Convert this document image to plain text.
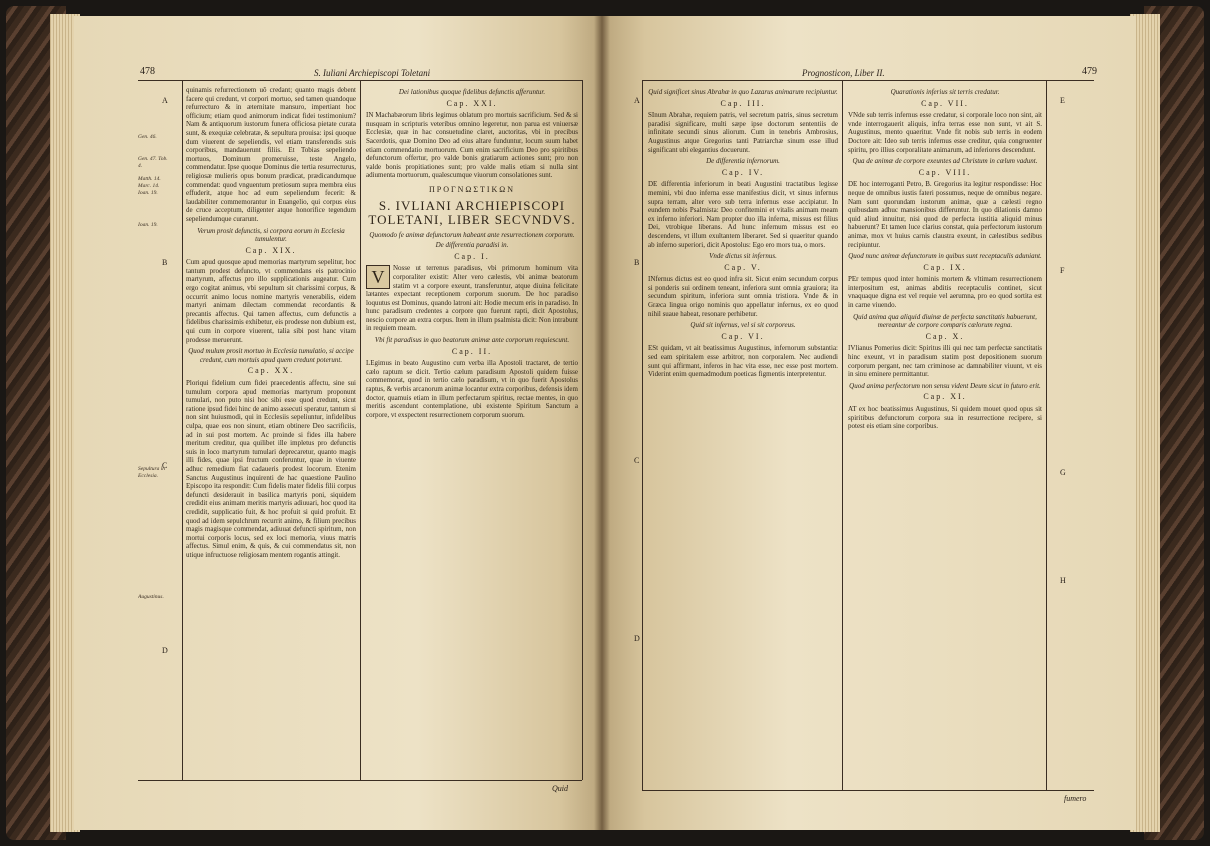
478	S. Iuliani Archiepiscopi Toletani
A
B
C
D
Gen. 46.
Gen. 47. Tob. 4.
Matth. 14. Marc. 14. Ioan. 19.
Ioan. 19.
Sepultura in Ecclesia.
Augustinus.

quinamis refurrectionem uõ credant; quanto magis debent facere qui credunt, vt corpori mortuo, sed tamen quandoque refurrecturo & in æternitate mansuro, impertiant hoc officium; etiam quod animorum indicat fidei testimonium? Nam & antiquorum iustorum funera officiosa pietate curata sunt, & exequiæ celebratæ, & sepultura prouisa: ipsi quoque dum viuerent de sepeliendis, vel etiam transferendis suis corporibus, mandauerunt filiis. Et Tobias sepeliendo mortuos, Dominum promeruisse, teste Angelo, commendatur. Ipse quoque Dominus die tertia resurrecturus, religiosæ mulieris opus bonum prædicat, prædicandumque commendat: quod vnguentum pretiosum supra membra eius effuderit, atque hoc ad eum sepeliendum fecerit: & laudabiliter commemorantur in Euangelio, qui corpus eius de cruce acceptum, diligenter atque honorifice tegendum sepeliendumque curarunt.

Verum prosit defunctis, si corpora eorum in Ecclesia tumulentur.
Cap. XIX.

Cum apud quosque apud memorias martyrum sepelitur, hoc tantum prodest defuncto, vt commendans eis patrocinio martyrum, affectus pro illo supplicationis augeatur. Cum ergo cogitat animus, vbi sepultum sit charissimi corpus, & occurrit animo locus nomine martyris venerabilis, eidem martyri animam dilectam commendat recordantis & precantis affectus. Qui tamen affectus, cum defunctis a fidelibus charissimis exhibetur, eis prodesse non dubium est, qui cum in corpore viuerent, talia sibi post hanc vitam prodesse meruerunt.

Quod mulum prosit mortuo in Ecclesia tumulatio, si accipe credunt, cum mortuis apud quem credunt poterunt.
Cap. XX.

Ploriqui fidelium cum fidei praecedentis affectu, sine sui tumulum corpora apud memorias martyrum proponunt tumulari, non puto nisi hoc sibi esse quod credunt, sicut ratione ipsud fidei hinc de animo assecuti speratur, tantum si non sint huiusmodi, qui in Ecclesiis sepeliuntur, infidelibus culpa, quae eos non sinunt, etiam obtinere Deo sacrificiis, ad in sui post mortem. Ac proinde si fides illa habere meritum creditur, qua quilibet ille impletus pro defunctis suis in loco martyrum tumulari deprecaretur, quanto magis illi fides, quae ipsi fructum conferuntur, quae in viuente adhuc remedium fiat cadaueris prodest locorum. Etenim Sanctus Augustinus inquirenti de hac quaestione Paulino Episcopo ita respondit: Cum fidelis mater fidelis filii corpus defuncti desiderauit in basilica martyris poni, siquidem credidit eius animam meritis martyris adiuuari, hoc quod ita credidit, supplicatio fuit, & hoc profuit si quid profuit. Et quod ad idem sepulchrum recurrit animo, & filium precibus magis magisque commendat, adiuuat defuncti spiritum, non mortui corporis locus, sed ex loci memoria, viuus matris affectus. Simul enim, & quis, & cui commendatus sit, non utique infructuose religiosam mentem rogantis attingit.

Dei lationibus quoque fidelibus defunctis afferuntur.
Cap. XXI.

IN Machabæorum libris legimus oblatum pro mortuis sacrificium. Sed & si nusquam in scripturis veteribus omnino legeretur, non parua est vniuersæ Ecclesiæ, quæ in hac consuetudine claret, auctoritas, vbi in precibus Sacerdotis, quæ Domino Deo ad eius altare funduntur, locum suum habet etiam commendatio mortuorum. Cum enim sacrificium Deo pro spiritibus defunctorum offertur, pro valde bonis gratiarum actiones sunt; pro non valde bonis propitiationes sunt; pro valde malis etiam si nulla sint adiumenta mortuorum, qualescumque viuorum consolationes sunt.

ΠΡΟΓΝΩΣΤΙΚΩΝ
S. IVLIANI ARCHIEPISCOPI TOLETANI, LIBER SECVNDVS.
Quomodo fe animæ defunctorum habeant ante resurrectionem corporum.
De differentia paradisi in.
Cap. I.

V	Nosse ut terrenus paradisus, vbi primorum hominum vita corporaliter existit: Alter vero cælestis, vbi animæ beatorum statim vt a corpore exeunt, transferuntur, atque diuina felicitate lætantes expectant receptionem corporum suorum. De hoc paradiso loquutus est Dominus, quando latroni ait: Hodie mecum eris in paradiso. In hunc paradisum credentes a corpore quo fuerunt rapti, dicit Apostolus, nescio corpore an extra corpus. Item in illum psalmista dicit: Non intrabunt in requiem meam.

Vbi fit paradisus in quo beatorum animæ ante corporum requiescunt.
Cap. II.

LEgimus in beato Augustino cum verba illa Apostoli tractaret, de tertio cælo raptum se dicit. Tertio cælum paradisum Apostoli quidem fuisse commemorat, quod in tertio cælo paradisum, vt in quo fuerit Apostolus raptus, & verbis arcanorum animæ locantur extra corporibus, defensis idem doctor, quamuis etiam in illum perfectarum spiritus, rectae mentes, in quo meritis ascendunt contemplatione, ubi existente Spiritum Sanctum a corpore, vt exspectent resurrectionem corporum suorum.

Quid
Prognosticon, Liber II.	479
A
B
C
D
E
F
G
H
Quid significet sinus Abrahæ in quo Lazarus animarum recipiuntur.
Cap. III.

SInum Abrahæ, requiem patris, vel secretum patris, sinus secretum paradisi significare, multi sæpe ipse doctorum sententiis de infinitate secundi sinus aliorum. Cum in tenebris Ambrosius, Augustinus atque Gregorius tanti Patriarchæ sinum esse illud significant ubi elegantius docuerunt.

De differentia infernorum.
Cap. IV.

DE differentia inferiorum in beati Augustini tractatibus legisse memini, vbi duo inferna esse manifestius dicit, vt sinus infernus supra terram, alter vero sub terra infernus esse accipiatur. In eundem nobis Psalmista: Deo confitemini et vitalis animam meam ex inferno inferiori. Nam propter duo illa inferna, missus est filius Dei, vtrobique liberans. Ad hunc infernum missus est eo descendens, vt illum exultantem liberaret. Sed si quaeritur quando ab inferno superiori, dicit Apostolus: Ego ero mors tua, o mors.

Vnde dictus sit infernus.
Cap. V.

INfernus dictus est eo quod infra sit. Sicut enim secundum corpus si ponderis sui ordinem teneant, inferiora sunt omnia grauiora; ita secundum spiritum, inferiora sunt omnia tristiora. Vnde & in Græca lingua origo nominis quo appellatur infernus, ex eo quod nihil suaue habeat, resonare perhibetur.

Quid sit infernus, vel si sit corporeus.
Cap. VI.

ESt quidam, vt ait beatissimus Augustinus, infernorum substantia: sed eam spiritalem esse arbitror, non corporalem. Nec audiendi sunt qui affirmant, inferos in hac vita esse, nec esse post mortem. Viderint enim quemadmodum poeticas figmentis interpretentur.

Quarationis inferius sit terris credatur.
Cap. VII.

VNde sub terris infernus esse credatur, si corporale loco non sint, ait vnde interrogauerit aliquis, infra terras esse non sunt, vt ait S. Augustinus, mento quaeritur. Vnde fit nobis sub terris in eodem Doctore ait: Ideo sub terris infernus esse creditur, quia congruenter spiritu, pro illius corporalitate animarum, ad inferiores descendunt.

Qua de animæ de corpore exeuntes ad Christum in cælum vadunt.
Cap. VIII.

DE hoc interroganti Petro, B. Gregorius ita legitur respondisse: Hoc neque de omnibus iustis fateri possumus, neque de omnibus negare. Nam sunt quorundam iustorum animæ, quæ a cælesti regno quibusdam adhuc mansionibus differuntur. In quo dilationis damno quid aliud innuitur, nisi quod de perfecta iustitia aliquid minus habuerunt? Et tamen luce clarius constat, quia perfectorum iustorum animæ, mox vt huius carnis claustra exeunt, in cælestibus sedibus recipiuntur.

Quod nunc animæ defunctorum in quibus sunt receptaculis aduniant.
Cap. IX.

PEr tempus quod inter hominis mortem & vltimam resurrectionem interpositum est, animas abditis receptaculis continet, sicut vnaquaque digna est vel requie vel aerumna, pro eo quod sortita est in carne viuendo.

Quid anima qua aliquid diuinæ de perfecta sanctitatis habuerunt, mereantur de corpore comparis cælorum regna.
Cap. X.

IVlianus Pomerius dicit: Spiritus illi qui nec tam perfectæ sanctitatis hinc exeunt, vt in paradisum statim post depositionem suorum corporum pergant, nec tam criminose ac damnabiliter viuunt, vt eis in sinu eminere permittantur.

Quod anima perfectorum non sensu vident Deum sicut in futuro erit.
Cap. XI.

AT ex hoc beatissimus Augustinus, Si quidem mouet quod opus sit spiritibus defunctorum corpora sua in resurrectione recipere, si potest eis etiam sine corporibus.

fumero
